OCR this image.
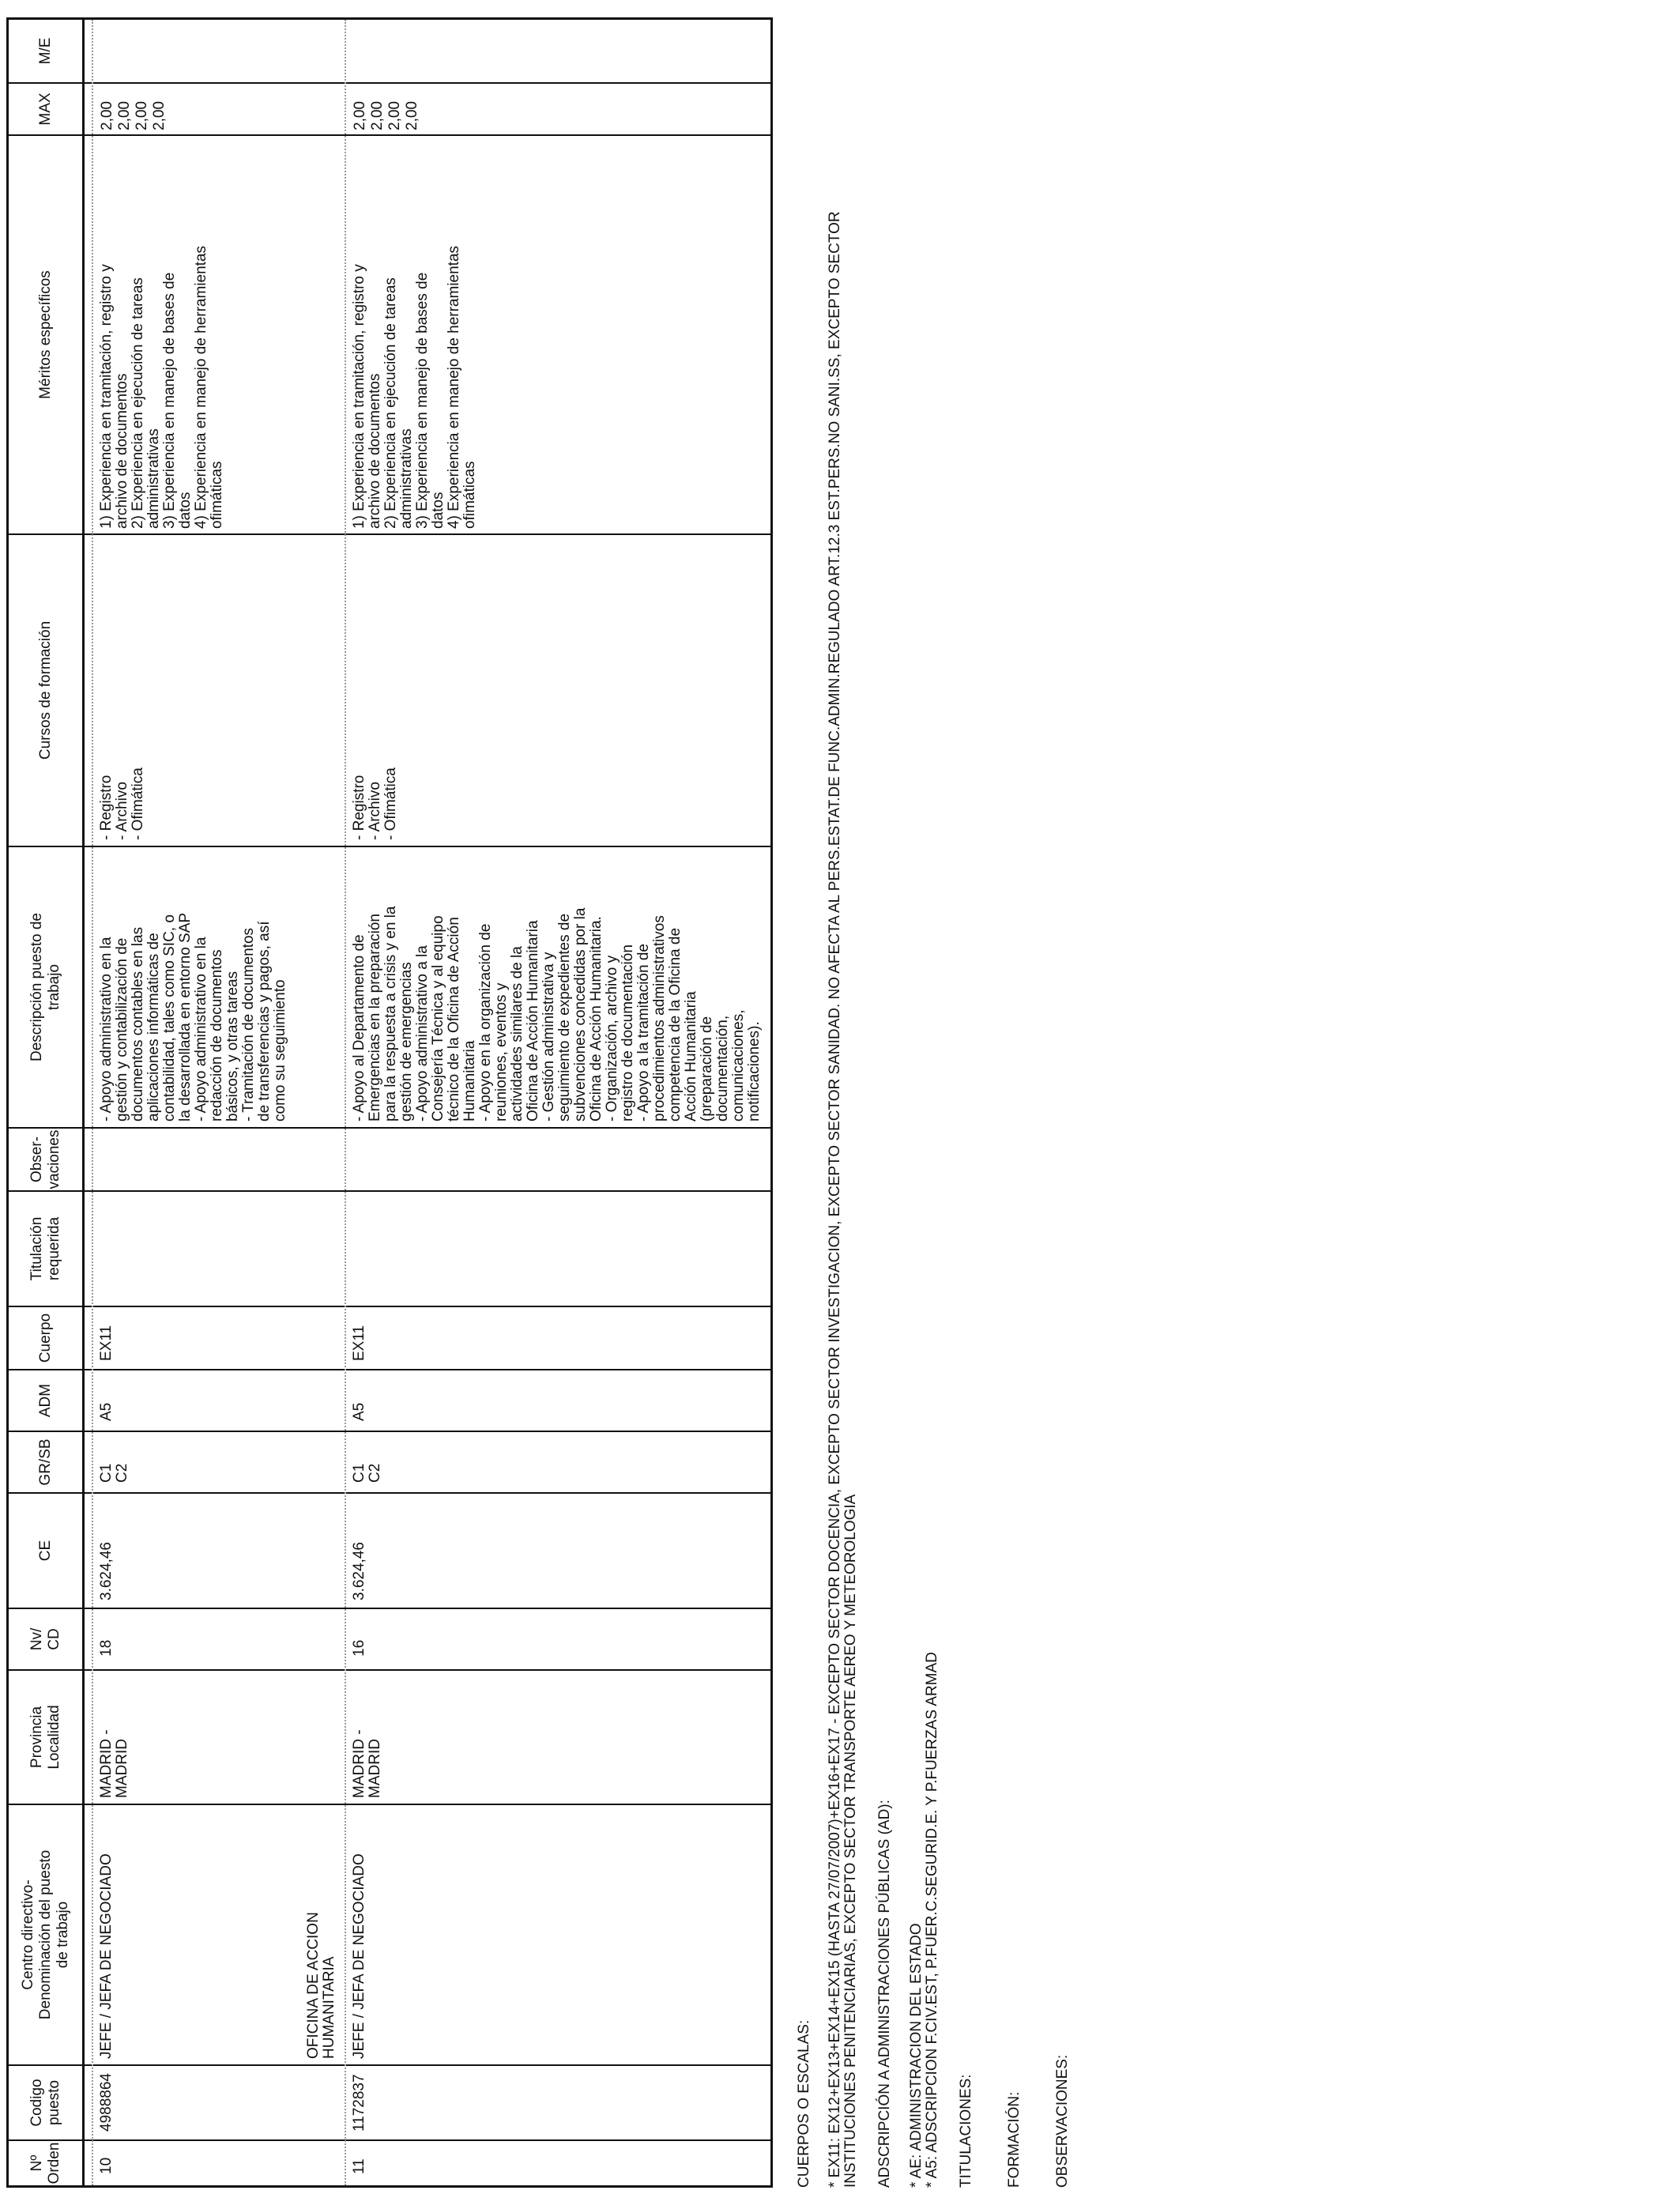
Nº
Orden
Codigo
puesto
Centro directivo-
Denominación del puesto
de trabajo
Provincia
Localidad
Nv/
CD
CE
GR/SB
ADM
Cuerpo
Titulación
requerida
Obser-
vaciones
Descripción puesto de
trabajo
Cursos de formación
Méritos específicos
MAX
M/E
10
4988864
JEFE / JEFA DE NEGOCIADO
MADRID -
MADRID
18
3.624,46
C1
C2
A5
EX11
- Apoyo administrativo en la
gestión y contabilización de
documentos contables en las
aplicaciones informáticas de
contabilidad, tales como SIC, o
la desarrollada en entorno SAP
- Apoyo administrativo en la
redacción de documentos
básicos, y otras tareas
- Tramitación de documentos
de transferencias y pagos, así
como su seguimiento
- Registro
- Archivo
- Ofimática
1) Experiencia en tramitación, registro y
archivo de documentos
2) Experiencia en ejecución de tareas
administrativas
3) Experiencia en manejo de bases de
datos
4) Experiencia en manejo de herramientas
ofimáticas
2,00
2,00
2,00
2,00
11
1172837
OFICINA DE ACCION
HUMANITARIA JEFE / JEFA DE NEGOCIADO
MADRID -
MADRID
16
3.624,46
C1
C2
A5
EX11
- Apoyo al Departamento de
Emergencias en la preparación
para la respuesta a crisis y en la
gestión de emergencias
- Apoyo administrativo a la
Consejería Técnica y al equipo
técnico de la Oficina de Acción
Humanitaria
- Apoyo en la organización de
reuniones, eventos y
actividades similares de la
Oficina de Acción Humanitaria
- Gestión administrativa y
seguimiento de expedientes de
subvenciones concedidas por la
Oficina de Acción Humanitaria.
- Organización, archivo y
registro de documentación
- Apoyo a la tramitación de
procedimientos administrativos
competencia de la Oficina de
Acción Humanitaria
(preparación de
documentación,
comunicaciones,
notificaciones).
- Registro
- Archivo
- Ofimática
1) Experiencia en tramitación, registro y
archivo de documentos
2) Experiencia en ejecución de tareas
administrativas
3) Experiencia en manejo de bases de
datos
4) Experiencia en manejo de herramientas
ofimáticas
2,00
2,00
2,00
2,00
CUERPOS O ESCALAS: * EX11: EX12+EX13+EX14+EX15 (HASTA 27/07/2007)+EX16+EX17 - EXCEPTO SECTOR DOCENCIA, EXCEPTO SECTOR INVESTIGACION, EXCEPTO SECTOR SANIDAD. NO AFECTA AL PERS.ESTAT.DE FUNC.ADMIN.REGULADO ART.12.3 EST.PERS.NO SANI.SS, EXCEPTO SECTOR
INSTITUCIONES PENITENCIARIAS, EXCEPTO SECTOR TRANSPORTE AEREO Y METEOROLOGIA
ADSCRIPCIÓN A ADMINISTRACIONES PÚBLICAS (AD): * AE: ADMINISTRACION DEL ESTADO
* A5: ADSCRIPCION F.CIV.EST, P.FUER.C.SEGURID.E. Y P.FUERZAS ARMAD
TITULACIONES: FORMACIÓN: OBSERVACIONES:
